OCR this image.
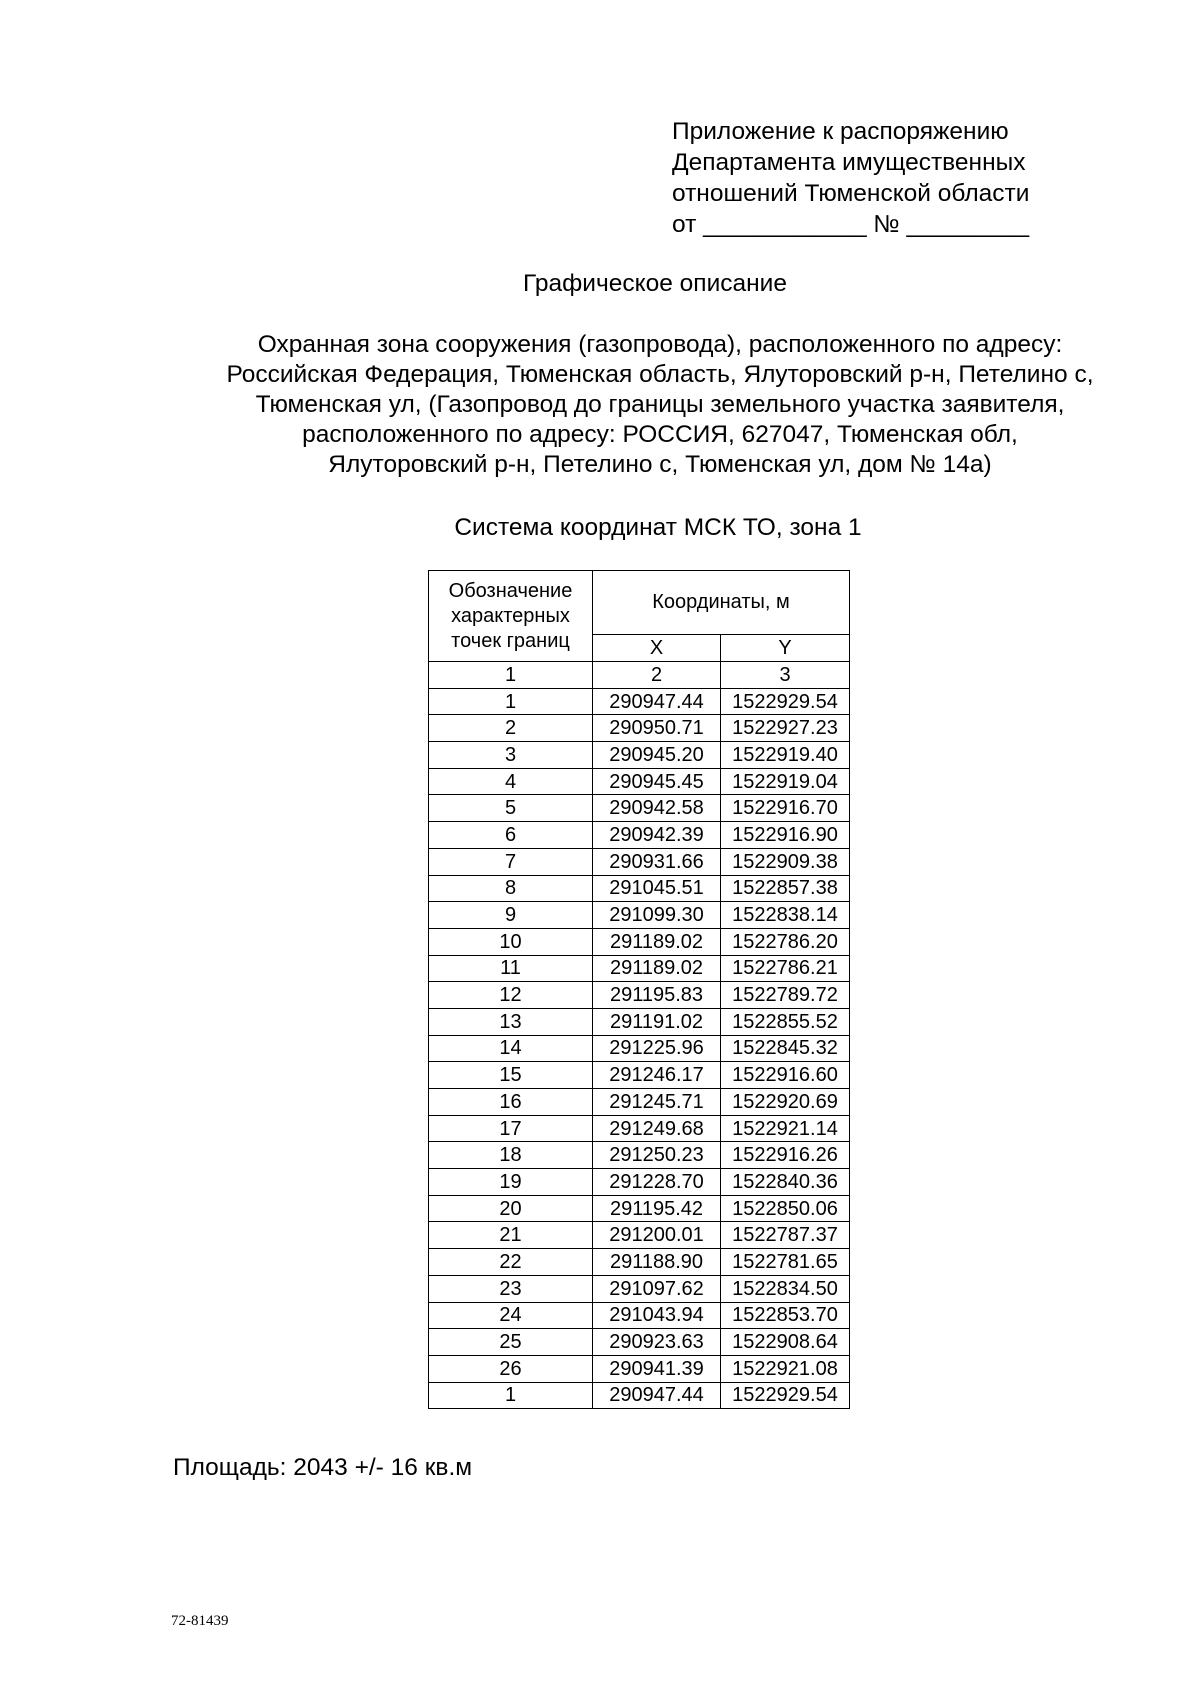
Приложение к распоряжению
Департамента имущественных
отношений Тюменской области
от ____________ № _________
Графическое описание
Охранная зона сооружения (газопровода), расположенного по адресу:
Российская Федерация, Тюменская область, Ялуторовский р-н, Петелино с,
Тюменская ул, (Газопровод до границы земельного участка заявителя,
расположенного по адресу: РОССИЯ, 627047, Тюменская обл,
Ялуторовский р-н, Петелино с, Тюменская ул, дом № 14а)
Система координат МСК ТО, зона 1
Обозначение
характерных
точек границ	Координаты, м	
	X	Y
1	2	3
1	290947.44	1522929.54
2	290950.71	1522927.23
3	290945.20	1522919.40
4	290945.45	1522919.04
5	290942.58	1522916.70
6	290942.39	1522916.90
7	290931.66	1522909.38
8	291045.51	1522857.38
9	291099.30	1522838.14
10	291189.02	1522786.20
11	291189.02	1522786.21
12	291195.83	1522789.72
13	291191.02	1522855.52
14	291225.96	1522845.32
15	291246.17	1522916.60
16	291245.71	1522920.69
17	291249.68	1522921.14
18	291250.23	1522916.26
19	291228.70	1522840.36
20	291195.42	1522850.06
21	291200.01	1522787.37
22	291188.90	1522781.65
23	291097.62	1522834.50
24	291043.94	1522853.70
25	290923.63	1522908.64
26	290941.39	1522921.08
1	290947.44	1522929.54
Площадь: 2043 +/- 16 кв.м
72-81439
